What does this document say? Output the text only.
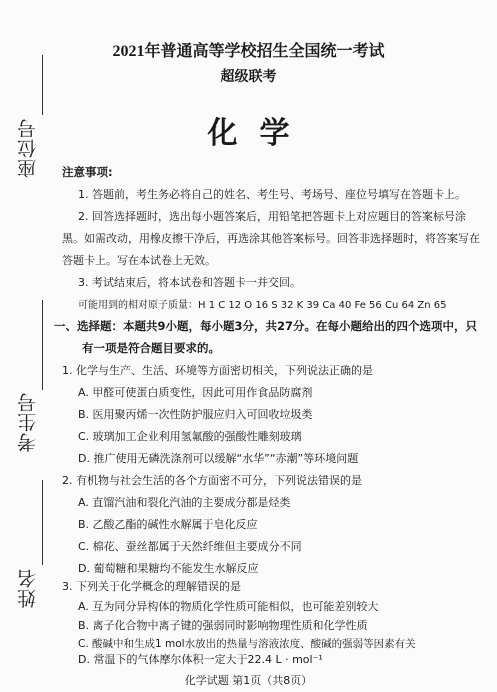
座位号
考生号
姓名
2021年普通高等学校招生全国统一考试
超级联考
化学
注意事项:
1. 答题前，考生务必将自己的姓名、考生号、考场号、座位号填写在答题卡上。
2. 回答选择题时，选出每小题答案后，用铅笔把答题卡上对应题目的答案标号涂
黑。如需改动，用橡皮擦干净后，再选涂其他答案标号。回答非选择题时，将答案写在
答题卡上。写在本试卷上无效。
3. 考试结束后，将本试卷和答题卡一并交回。
可能用到的相对原子质量：H 1 C 12 O 16 S 32 K 39 Ca 40 Fe 56 Cu 64 Zn 65
一、选择题：本题共9小题，每小题3分，共27分。在每小题给出的四个选项中，只
有一项是符合题目要求的。
1. 化学与生产、生活、环境等方面密切相关，下列说法正确的是
A. 甲醛可使蛋白质变性，因此可用作食品防腐剂
B. 医用聚丙烯一次性防护服应归入可回收垃圾类
C. 玻璃加工企业利用氢氟酸的强酸性雕刻玻璃
D. 推广使用无磷洗涤剂可以缓解“水华”“赤潮”等环境问题
2. 有机物与社会生活的各个方面密不可分，下列说法错误的是
A. 直馏汽油和裂化汽油的主要成分都是烃类
B. 乙酸乙酯的碱性水解属于皂化反应
C. 棉花、蚕丝都属于天然纤维但主要成分不同
D. 葡萄糖和果糖均不能发生水解反应
3. 下列关于化学概念的理解错误的是
A. 互为同分异构体的物质化学性质可能相似，也可能差别较大
B. 离子化合物中离子键的强弱同时影响物理性质和化学性质
C. 酸碱中和生成1 mol水放出的热量与溶液浓度、酸碱的强弱等因素有关
化学试题 第1页（共8页）
D. 常温下的气体摩尔体积一定大于22.4 L · mol⁻¹
